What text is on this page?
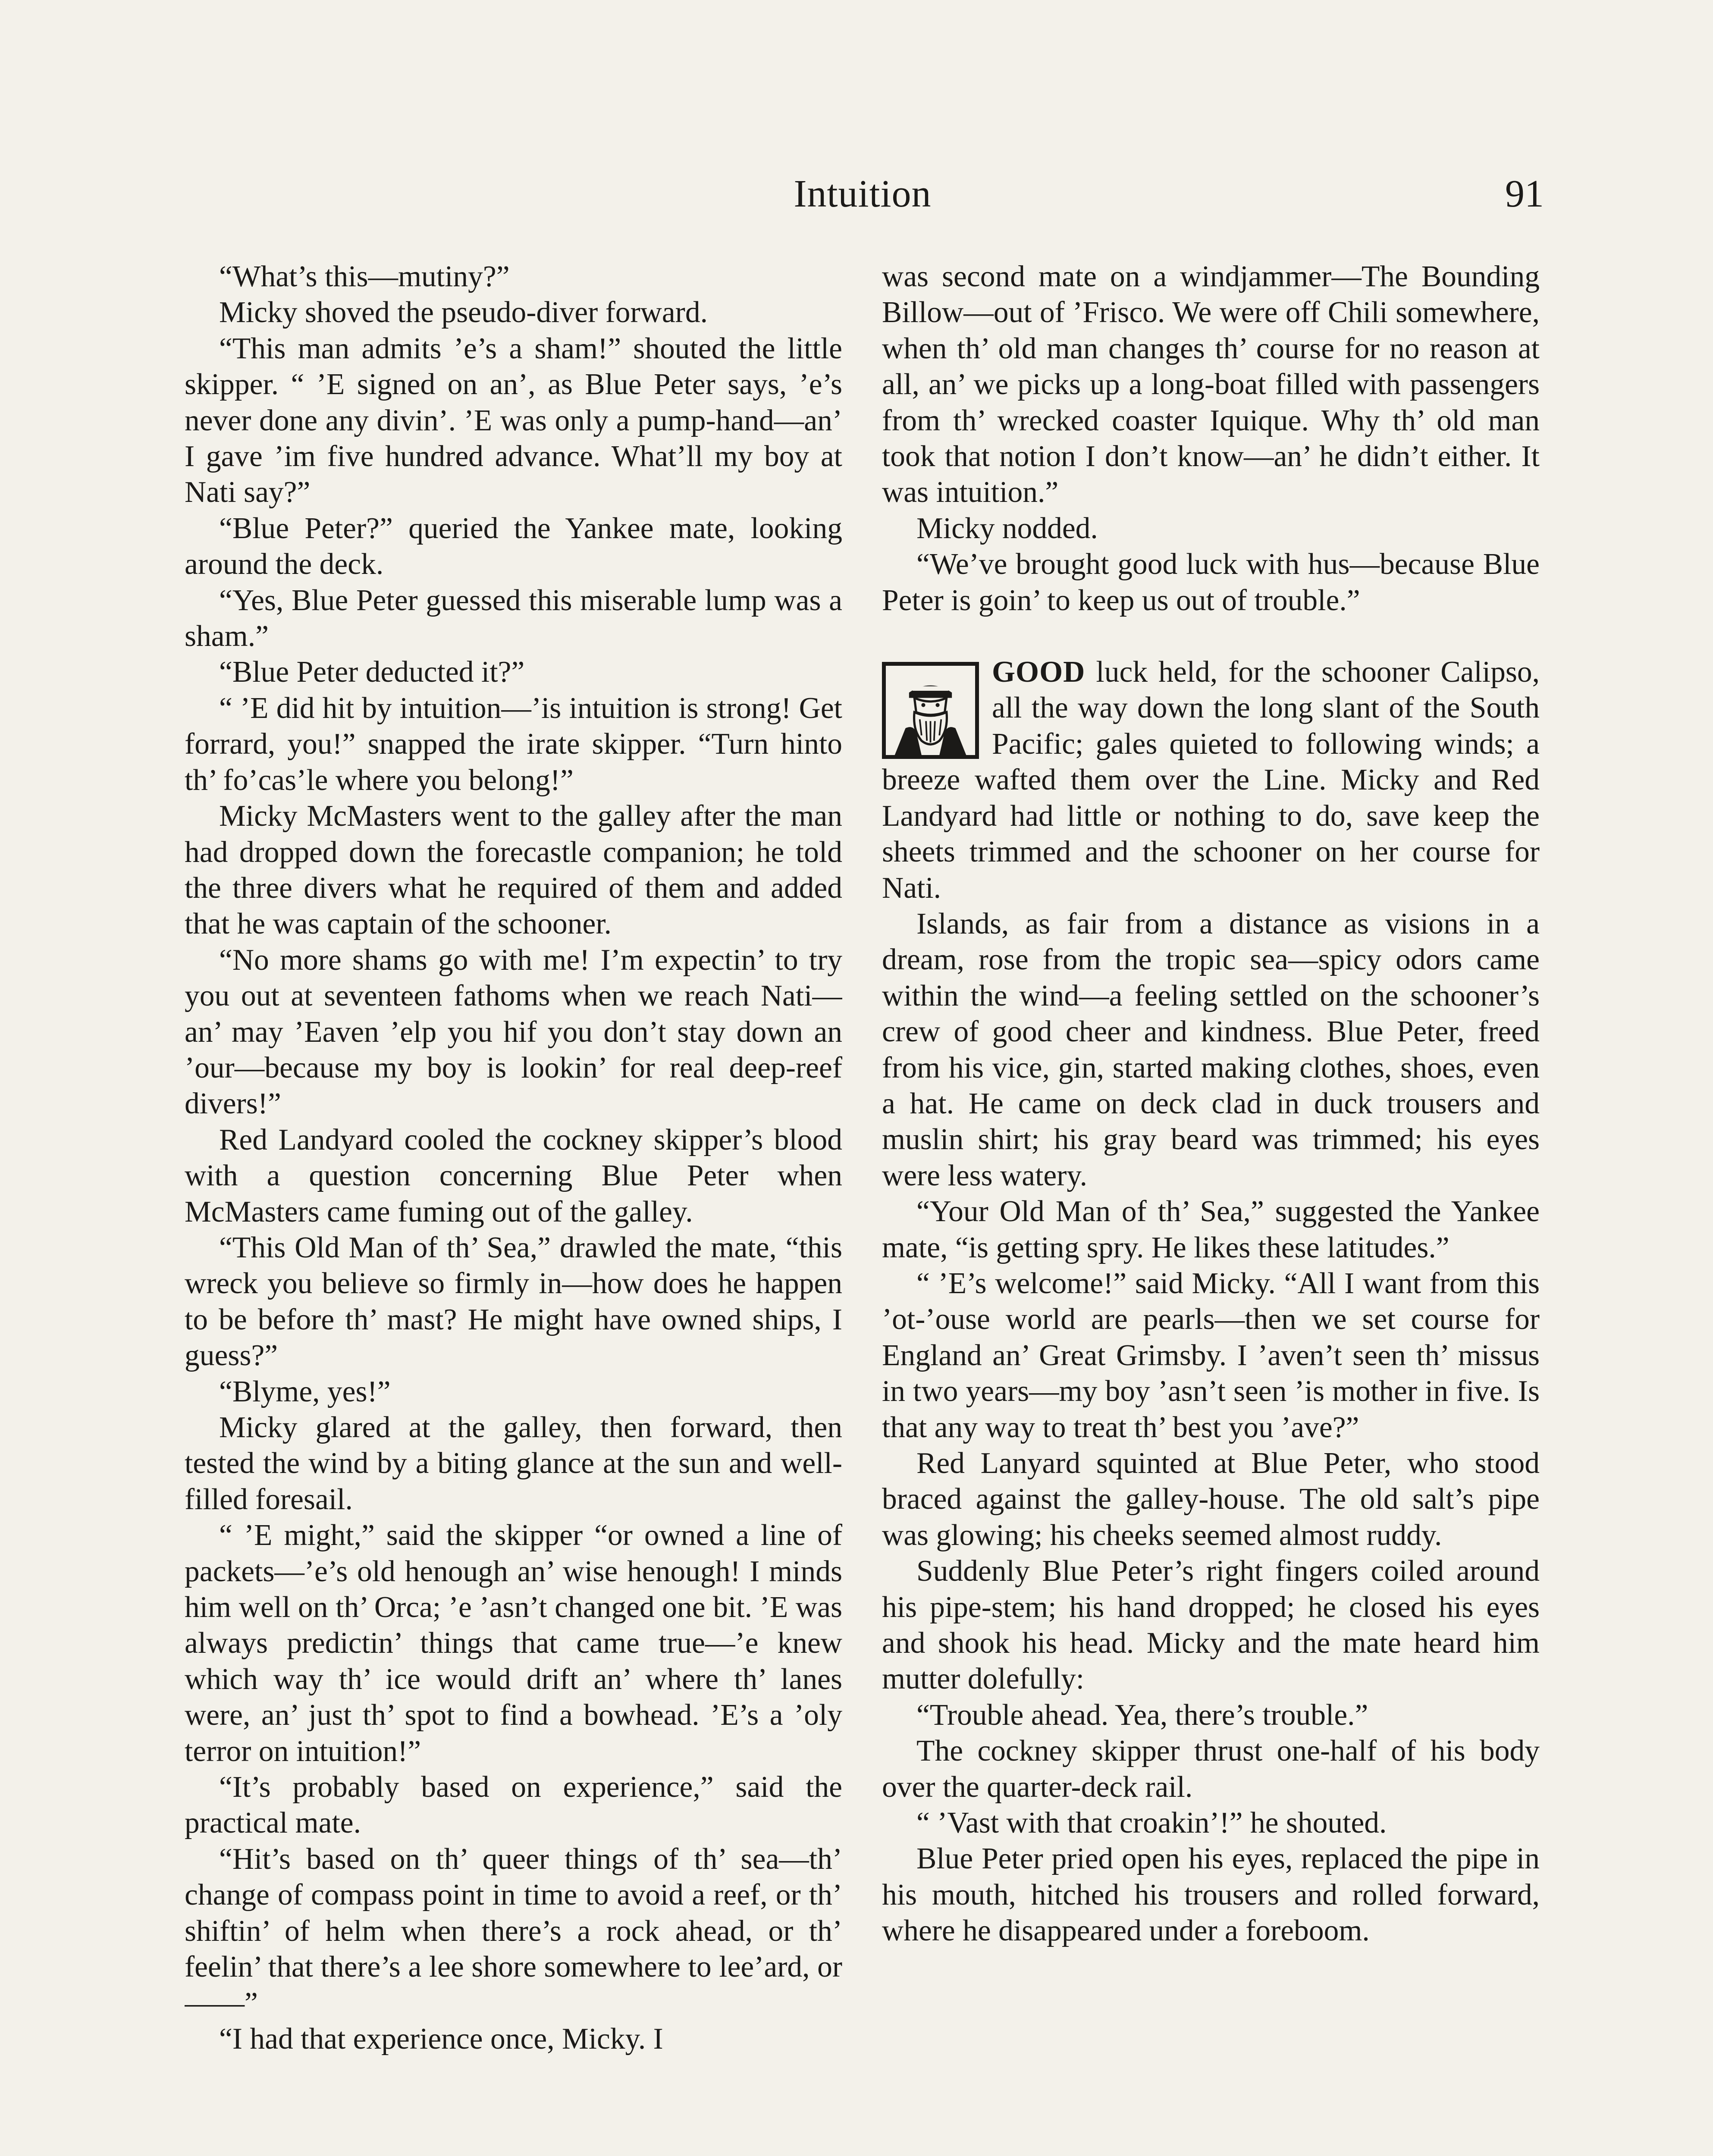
Intuition	91

“What’s this—mutiny?”

Micky shoved the pseudo-diver forward.

“This man admits ’e’s a sham!” shouted the little skipper. “ ’E signed on an’, as Blue Peter says, ’e’s never done any divin’. ’E was only a pump-hand—an’ I gave ’im five hundred advance. What’ll my boy at Nati say?”

“Blue Peter?” queried the Yankee mate, looking around the deck.

“Yes, Blue Peter guessed this miserable lump was a sham.”

“Blue Peter deducted it?”

“ ’E did hit by intuition—’is intuition is strong! Get forrard, you!” snapped the irate skipper. “Turn hinto th’ fo’cas’le where you belong!”

Micky McMasters went to the galley after the man had dropped down the forecastle companion; he told the three divers what he required of them and added that he was captain of the schooner.

“No more shams go with me! I’m expectin’ to try you out at seventeen fathoms when we reach Nati—an’ may ’Eaven ’elp you hif you don’t stay down an ’our—because my boy is lookin’ for real deep-reef divers!”

Red Landyard cooled the cockney skipper’s blood with a question concerning Blue Peter when McMasters came fuming out of the galley.

“This Old Man of th’ Sea,” drawled the mate, “this wreck you believe so firmly in—how does he happen to be before th’ mast? He might have owned ships, I guess?”

“Blyme, yes!”

Micky glared at the galley, then forward, then tested the wind by a biting glance at the sun and well-filled foresail.

“ ’E might,” said the skipper “or owned a line of packets—’e’s old henough an’ wise henough! I minds him well on th’ Orca; ’e ’asn’t changed one bit. ’E was always predictin’ things that came true—’e knew which way th’ ice would drift an’ where th’ lanes were, an’ just th’ spot to find a bowhead. ’E’s a ’oly terror on intuition!”

“It’s probably based on experience,” said the practical mate.

“Hit’s based on th’ queer things of th’ sea—th’ change of compass point in time to avoid a reef, or th’ shiftin’ of helm when there’s a rock ahead, or th’ feelin’ that there’s a lee shore somewhere to lee’ard, or——”

“I had that experience once, Micky. I

was second mate on a windjammer—The Bounding Billow—out of ’Frisco. We were off Chili somewhere, when th’ old man changes th’ course for no reason at all, an’ we picks up a long-boat filled with passengers from th’ wrecked coaster Iquique. Why th’ old man took that notion I don’t know—an’ he didn’t either. It was intuition.”

Micky nodded.

“We’ve brought good luck with hus—because Blue Peter is goin’ to keep us out of trouble.”

GOOD luck held, for the schooner Calipso, all the way down the long slant of the South Pacific; gales quieted to following winds; a breeze wafted them over the Line. Micky and Red Landyard had little or nothing to do, save keep the sheets trimmed and the schooner on her course for Nati.

Islands, as fair from a distance as visions in a dream, rose from the tropic sea—spicy odors came within the wind—a feeling settled on the schooner’s crew of good cheer and kindness. Blue Peter, freed from his vice, gin, started making clothes, shoes, even a hat. He came on deck clad in duck trousers and muslin shirt; his gray beard was trimmed; his eyes were less watery.

“Your Old Man of th’ Sea,” suggested the Yankee mate, “is getting spry. He likes these latitudes.”

“ ’E’s welcome!” said Micky. “All I want from this ’ot-’ouse world are pearls—then we set course for England an’ Great Grimsby. I ’aven’t seen th’ missus in two years—my boy ’asn’t seen ’is mother in five. Is that any way to treat th’ best you ’ave?”

Red Lanyard squinted at Blue Peter, who stood braced against the galley-house. The old salt’s pipe was glowing; his cheeks seemed almost ruddy.

Suddenly Blue Peter’s right fingers coiled around his pipe-stem; his hand dropped; he closed his eyes and shook his head. Micky and the mate heard him mutter dolefully:

“Trouble ahead. Yea, there’s trouble.”

The cockney skipper thrust one-half of his body over the quarter-deck rail.

“ ’Vast with that croakin’!” he shouted.

Blue Peter pried open his eyes, replaced the pipe in his mouth, hitched his trousers and rolled forward, where he disappeared under a foreboom.
